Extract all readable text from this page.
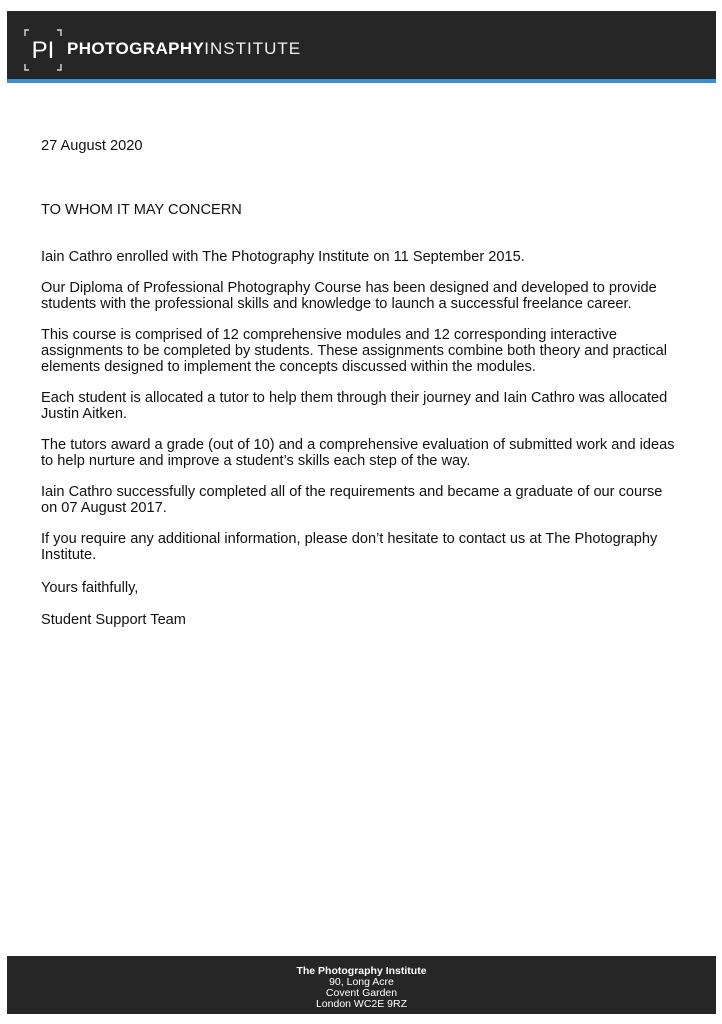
PI PHOTOGRAPHYINSTITUTE

27 August 2020

TO WHOM IT MAY CONCERN

Iain Cathro enrolled with The Photography Institute on 11 September 2015.

Our Diploma of Professional Photography Course has been designed and developed to provide students with the professional skills and knowledge to launch a successful freelance career.

This course is comprised of 12 comprehensive modules and 12 corresponding interactive assignments to be completed by students. These assignments combine both theory and practical elements designed to implement the concepts discussed within the modules.

Each student is allocated a tutor to help them through their journey and Iain Cathro was allocated Justin Aitken.

The tutors award a grade (out of 10) and a comprehensive evaluation of submitted work and ideas to help nurture and improve a student’s skills each step of the way.

Iain Cathro successfully completed all of the requirements and became a graduate of our course on 07 August 2017.

If you require any additional information, please don’t hesitate to contact us at The Photography Institute.

Yours faithfully,

Student Support Team

The Photography Institute
90, Long Acre
Covent Garden
London WC2E 9RZ
